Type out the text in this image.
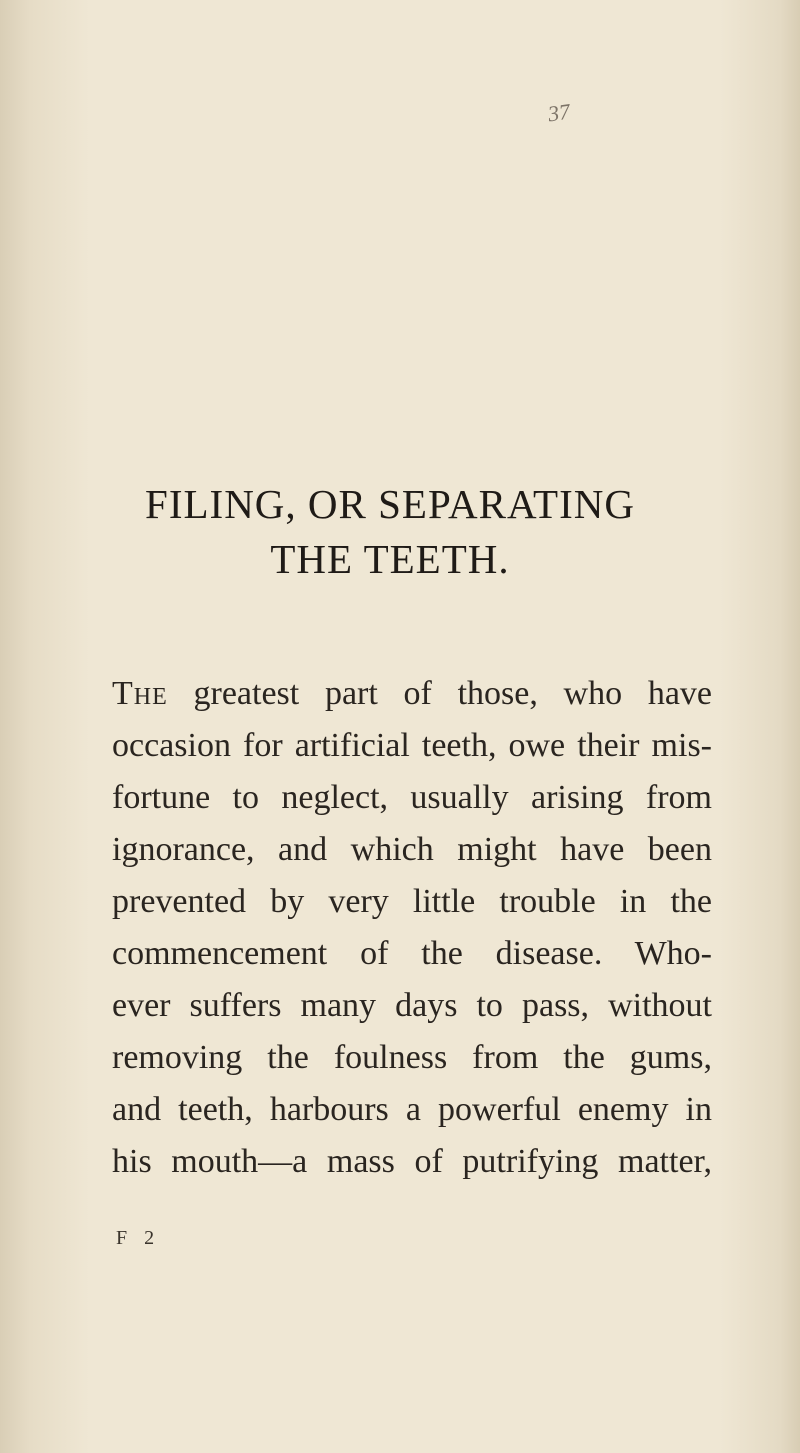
37
FILING, OR SEPARATING
THE TEETH.
The greatest part of those, who have
occasion for artificial teeth, owe their mis-
fortune to neglect, usually arising from
ignorance, and which might have been
prevented by very little trouble in the
commencement of the disease. Who-
ever suffers many days to pass, without
removing the foulness from the gums,
and teeth, harbours a powerful enemy in
his mouth—a mass of putrifying matter,
F 2
